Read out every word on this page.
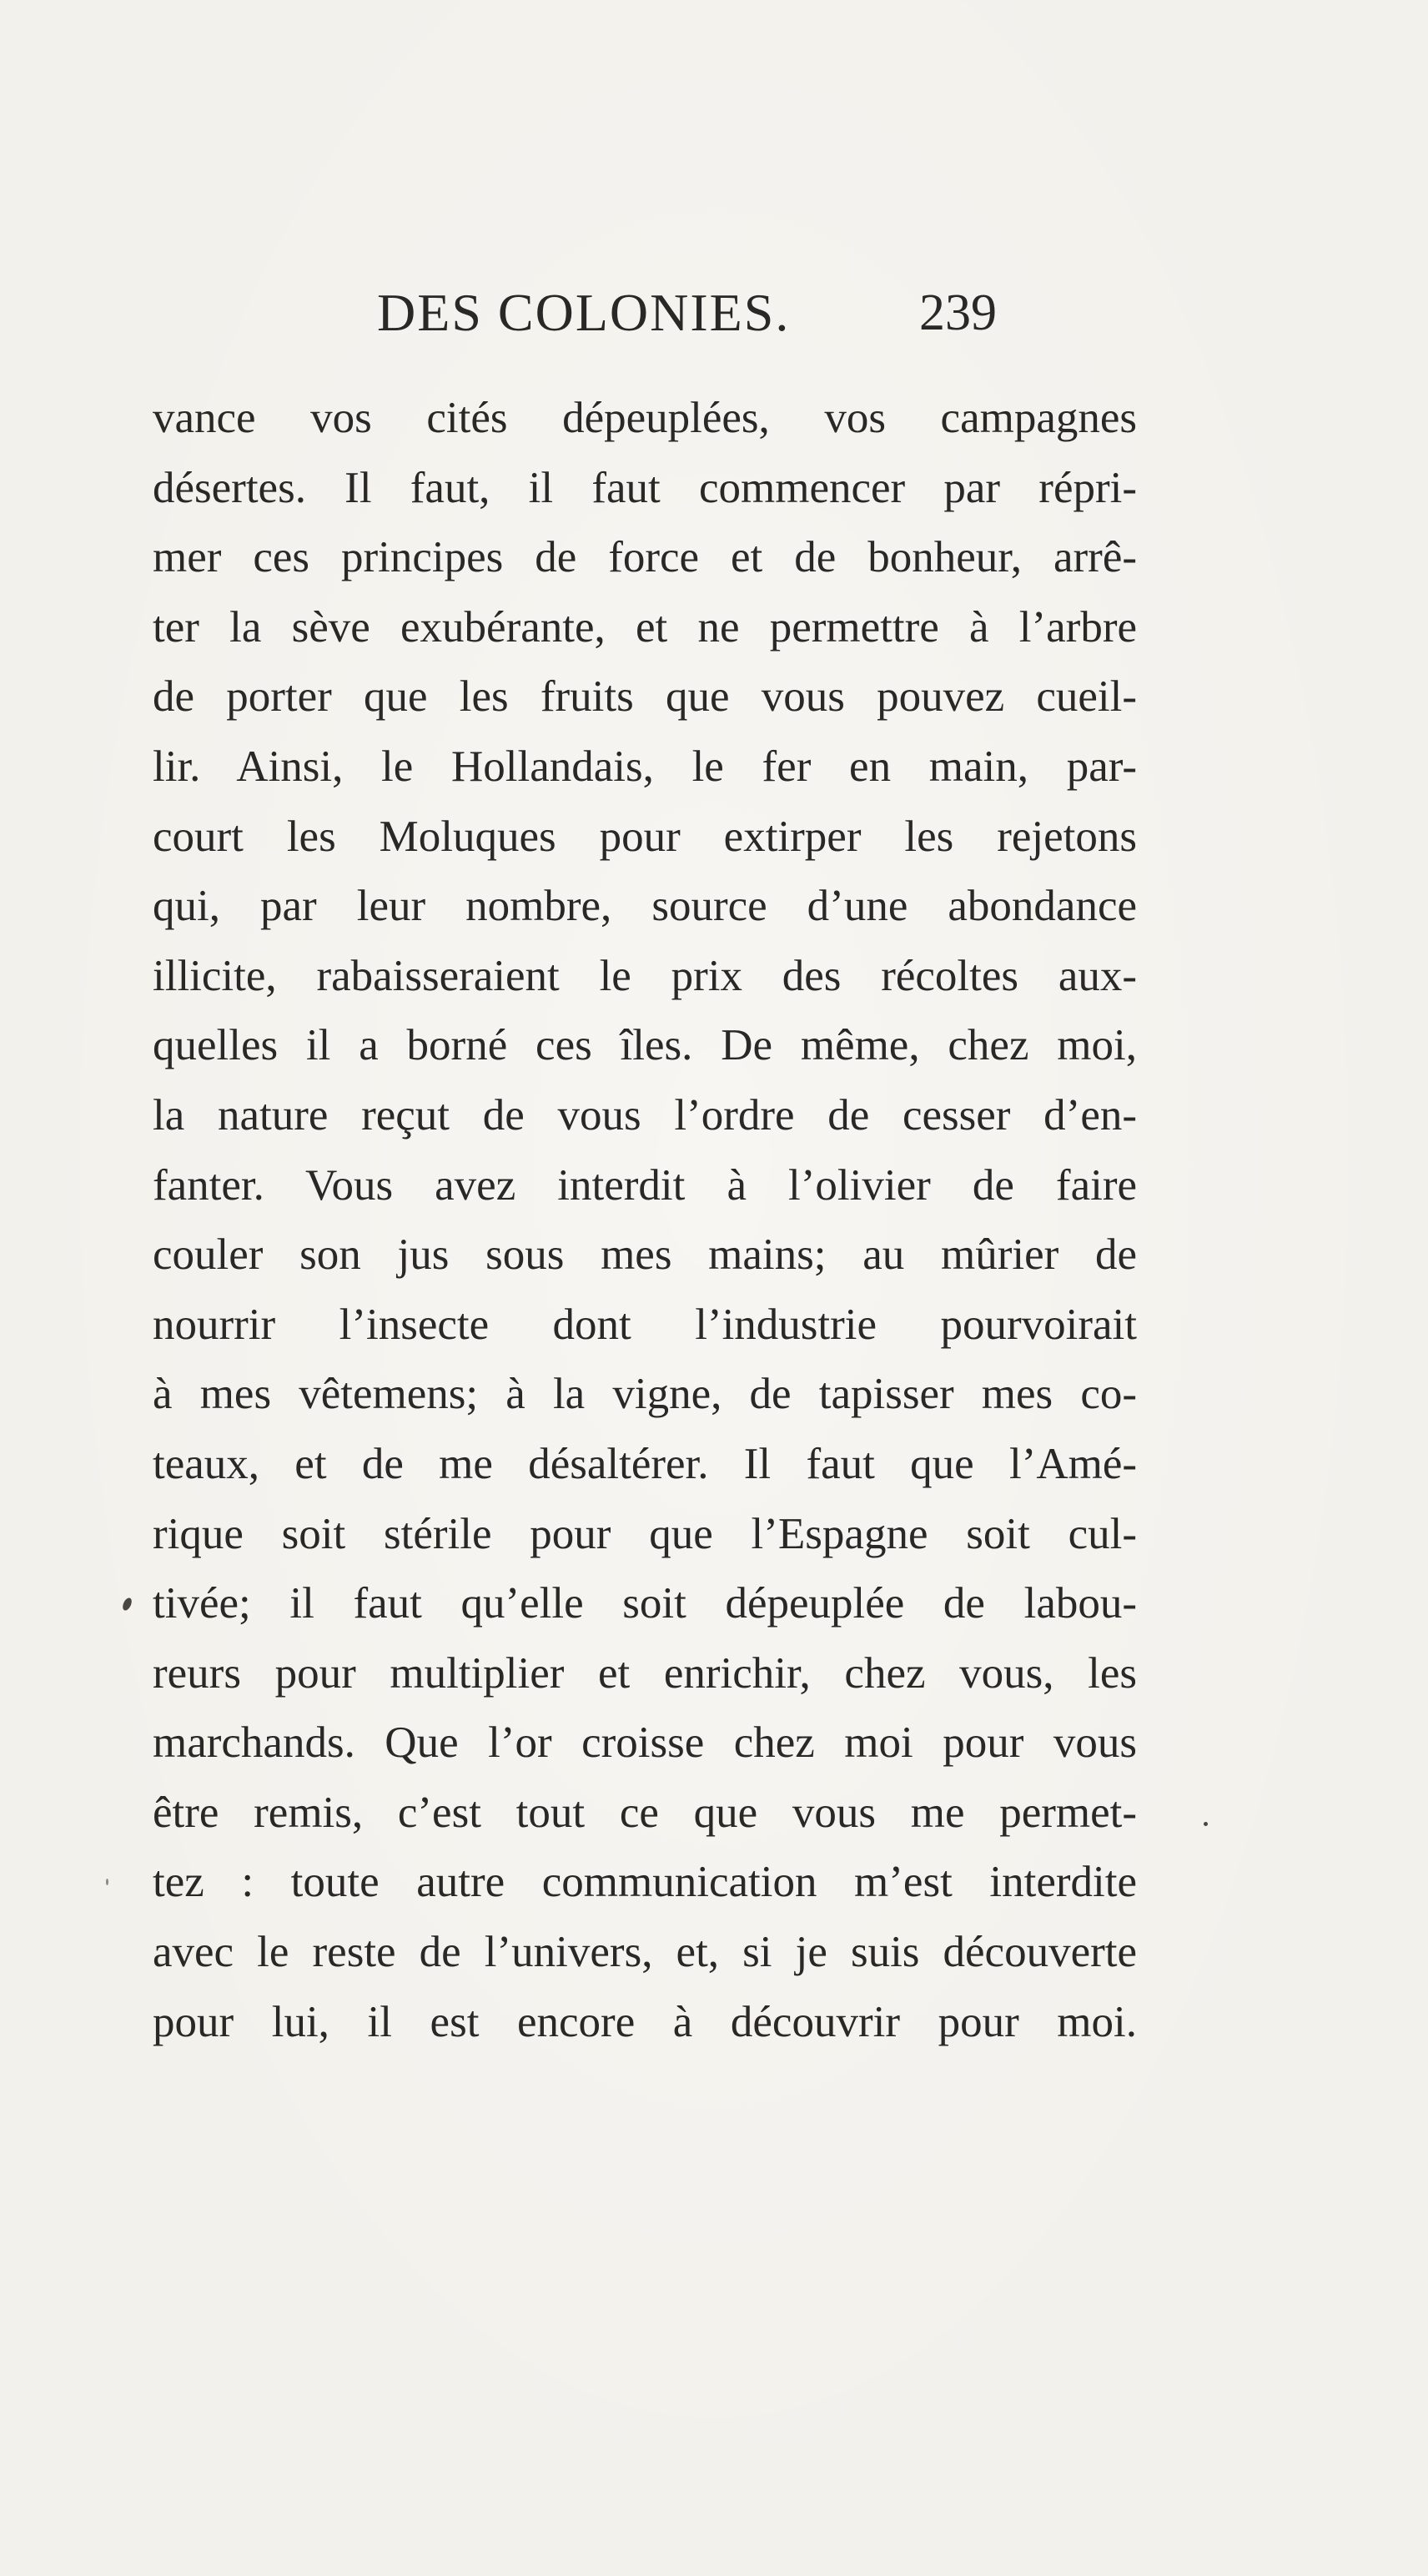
DES COLONIES. 239
vance vos cités dépeuplées, vos campagnes
désertes. Il faut, il faut commencer par répri-
mer ces principes de force et de bonheur, arrê-
ter la sève exubérante, et ne permettre à l’arbre
de porter que les fruits que vous pouvez cueil-
lir. Ainsi, le Hollandais, le fer en main, par-
court les Moluques pour extirper les rejetons
qui, par leur nombre, source d’une abondance
illicite, rabaisseraient le prix des récoltes aux-
quelles il a borné ces îles. De même, chez moi,
la nature reçut de vous l’ordre de cesser d’en-
fanter. Vous avez interdit à l’olivier de faire
couler son jus sous mes mains; au mûrier de
nourrir l’insecte dont l’industrie pourvoirait
à mes vêtemens; à la vigne, de tapisser mes co-
teaux, et de me désaltérer. Il faut que l’Amé-
rique soit stérile pour que l’Espagne soit cul-
tivée; il faut qu’elle soit dépeuplée de labou-
reurs pour multiplier et enrichir, chez vous, les
marchands. Que l’or croisse chez moi pour vous
être remis, c’est tout ce que vous me permet-
tez : toute autre communication m’est interdite
avec le reste de l’univers, et, si je suis découverte
pour lui, il est encore à découvrir pour moi.
